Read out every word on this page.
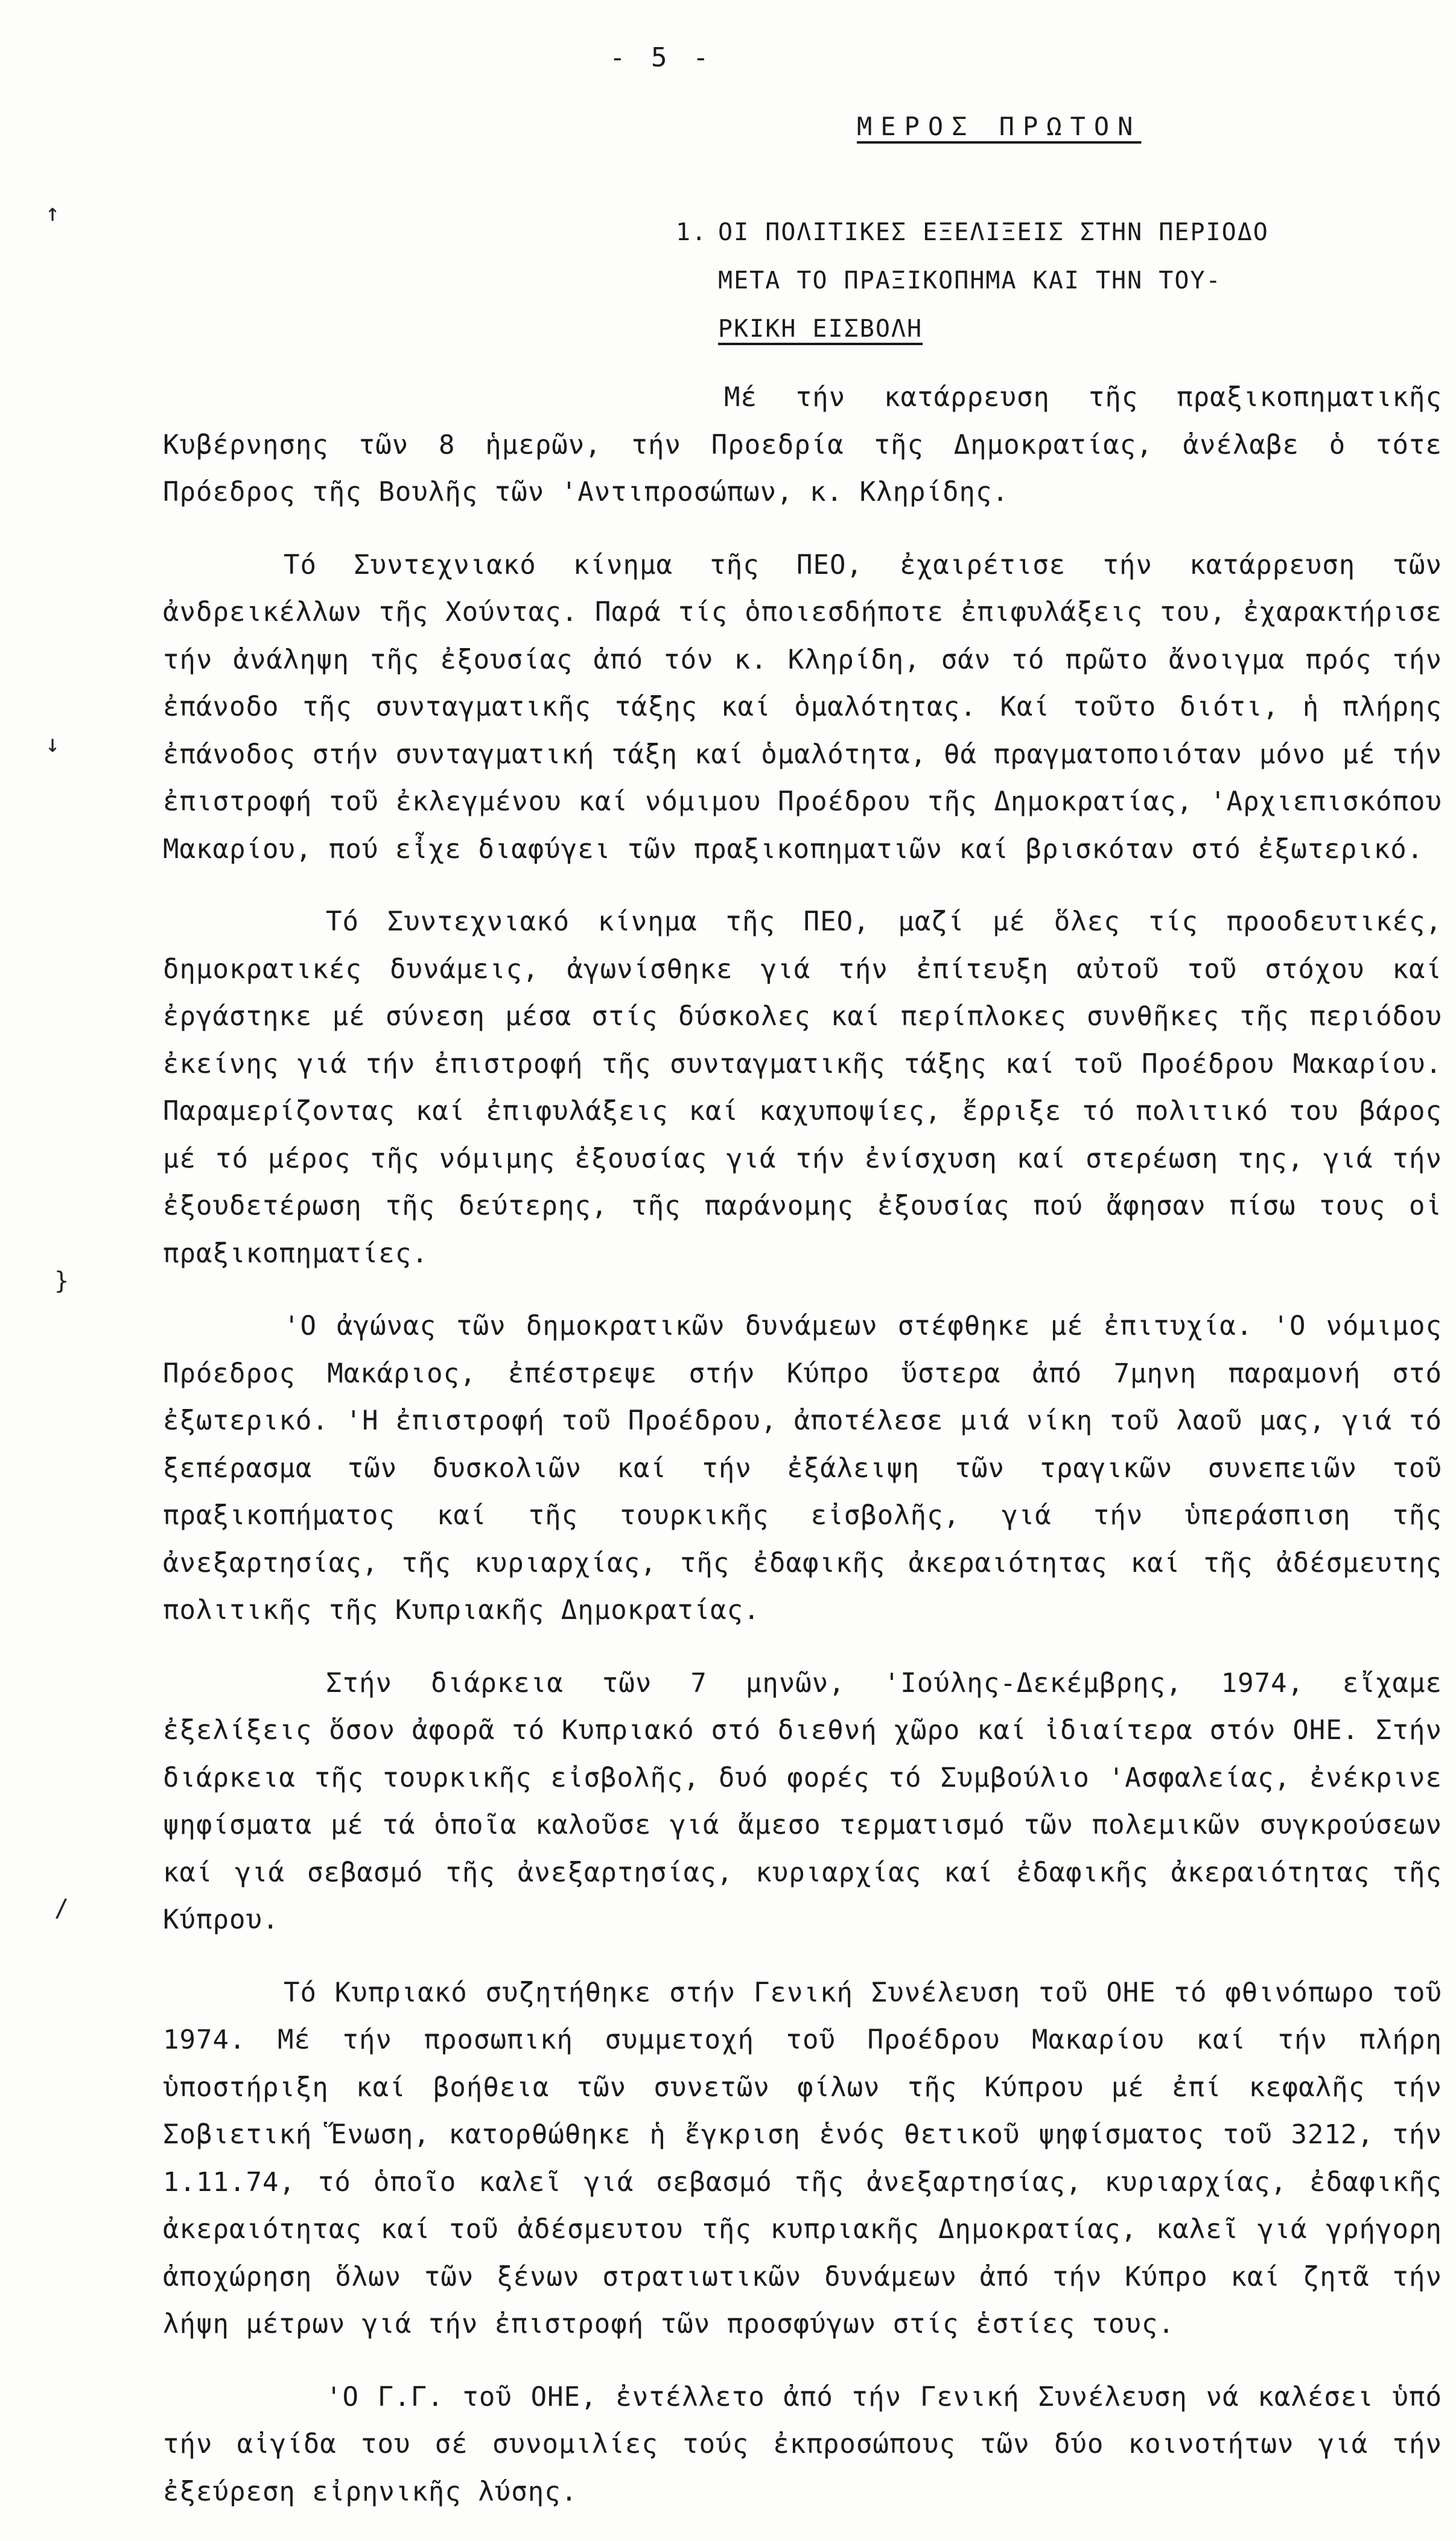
- 5 -
ΜΕΡΟΣ ΠΡΩΤΟΝ
1. ΟΙ ΠΟΛΙΤΙΚΕΣ ΕΞΕΛΙΞΕΙΣ ΣΤΗΝ ΠΕΡΙΟΔΟ
ΜΕΤΑ ΤΟ ΠΡΑΞΙΚΟΠΗΜΑ ΚΑΙ ΤΗΝ ΤΟΥ-
ΡΚΙΚΗ ΕΙΣΒΟΛΗ

Μέ τήν κατάρρευση τῆς πραξικοπηματικῆς Κυβέρνησης τῶν 8 ἡμερῶν, τήν Προεδρία τῆς Δημοκρατίας, ἀνέλαβε ὁ τότε Πρόεδρος τῆς Βουλῆς τῶν 'Αντιπροσώπων, κ. Κληρίδης.

Τό Συντεχνιακό κίνημα τῆς ΠΕΟ, ἐχαιρέτισε τήν κατάρρευση τῶν ἀνδρεικέλλων τῆς Χούντας. Παρά τίς ὁποιεσδήποτε ἐπιφυλάξεις του, ἐχαρακτήρισε τήν ἀνάληψη τῆς ἐξουσίας ἀπό τόν κ. Κληρίδη, σάν τό πρῶτο ἄνοιγμα πρός τήν ἐπάνοδο τῆς συνταγματικῆς τάξης καί ὁμαλότητας. Καί τοῦτο διότι, ἡ πλήρης ἐπάνοδος στήν συνταγματική τάξη καί ὁμαλότητα, θά πραγματοποιόταν μόνο μέ τήν ἐπιστροφή τοῦ ἐκλεγμένου καί νόμιμου Προέδρου τῆς Δημοκρατίας, 'Αρχιεπισκόπου Μακαρίου, πού εἶχε διαφύγει τῶν πραξικοπηματιῶν καί βρισκόταν στό ἐξωτερικό.

Τό Συντεχνιακό κίνημα τῆς ΠΕΟ, μαζί μέ ὅλες τίς προοδευτικές, δημοκρατικές δυνάμεις, ἀγωνίσθηκε γιά τήν ἐπίτευξη αὐτοῦ τοῦ στόχου καί ἐργάστηκε μέ σύνεση μέσα στίς δύσκολες καί περίπλοκες συνθῆκες τῆς περιόδου ἐκείνης γιά τήν ἐπιστροφή τῆς συνταγματικῆς τάξης καί τοῦ Προέδρου Μακαρίου. Παραμερίζοντας καί ἐπιφυλάξεις καί καχυποψίες, ἔρριξε τό πολιτικό του βάρος μέ τό μέρος τῆς νόμιμης ἐξουσίας γιά τήν ἐνίσχυση καί στερέωση της, γιά τήν ἐξουδετέρωση τῆς δεύτερης, τῆς παράνομης ἐξουσίας πού ἄφησαν πίσω τους οἱ πραξικοπηματίες.

'Ο ἀγώνας τῶν δημοκρατικῶν δυνάμεων στέφθηκε μέ ἐπιτυχία. 'Ο νόμιμος Πρόεδρος Μακάριος, ἐπέστρεψε στήν Κύπρο ὕστερα ἀπό 7μηνη παραμονή στό ἐξωτερικό. 'Η ἐπιστροφή τοῦ Προέδρου, ἀποτέλεσε μιά νίκη τοῦ λαοῦ μας, γιά τό ξεπέρασμα τῶν δυσκολιῶν καί τήν ἐξάλειψη τῶν τραγικῶν συνεπειῶν τοῦ πραξικοπήματος καί τῆς τουρκικῆς εἰσβολῆς, γιά τήν ὑπεράσπιση τῆς ἀνεξαρτησίας, τῆς κυριαρχίας, τῆς ἐδαφικῆς ἀκεραιότητας καί τῆς ἀδέσμευτης πολιτικῆς τῆς Κυπριακῆς Δημοκρατίας.

Στήν διάρκεια τῶν 7 μηνῶν, 'Ιούλης-Δεκέμβρης, 1974, εἴχαμε ἐξελίξεις ὅσον ἀφορᾶ τό Κυπριακό στό διεθνή χῶρο καί ἰδιαίτερα στόν ΟΗΕ. Στήν διάρκεια τῆς τουρκικῆς εἰσβολῆς, δυό φορές τό Συμβούλιο 'Ασφαλείας, ἐνέκρινε ψηφίσματα μέ τά ὁποῖα καλοῦσε γιά ἄμεσο τερματισμό τῶν πολεμικῶν συγκρούσεων καί γιά σεβασμό τῆς ἀνεξαρτησίας, κυριαρχίας καί ἐδαφικῆς ἀκεραιότητας τῆς Κύπρου.

Τό Κυπριακό συζητήθηκε στήν Γενική Συνέλευση τοῦ ΟΗΕ τό φθινόπωρο τοῦ 1974. Μέ τήν προσωπική συμμετοχή τοῦ Προέδρου Μακαρίου καί τήν πλήρη ὑποστήριξη καί βοήθεια τῶν συνετῶν φίλων τῆς Κύπρου μέ ἐπί κεφαλῆς τήν Σοβιετική Ἕνωση, κατορθώθηκε ἡ ἔγκριση ἑνός θετικοῦ ψηφίσματος τοῦ 3212, τήν 1.11.74, τό ὁποῖο καλεῖ γιά σεβασμό τῆς ἀνεξαρτησίας, κυριαρχίας, ἐδαφικῆς ἀκεραιότητας καί τοῦ ἀδέσμευτου τῆς κυπριακῆς Δημοκρατίας, καλεῖ γιά γρήγορη ἀποχώρηση ὅλων τῶν ξένων στρατιωτικῶν δυνάμεων ἀπό τήν Κύπρο καί ζητᾶ τήν λήψη μέτρων γιά τήν ἐπιστροφή τῶν προσφύγων στίς ἑστίες τους.

'Ο Γ.Γ. τοῦ ΟΗΕ, ἐντέλλετο ἀπό τήν Γενική Συνέλευση νά καλέσει ὑπό τήν αἰγίδα του σέ συνομιλίες τούς ἐκπροσώπους τῶν δύο κοινοτήτων γιά τήν ἐξεύρεση εἰρηνικῆς λύσης.

↑
↓
}
/
